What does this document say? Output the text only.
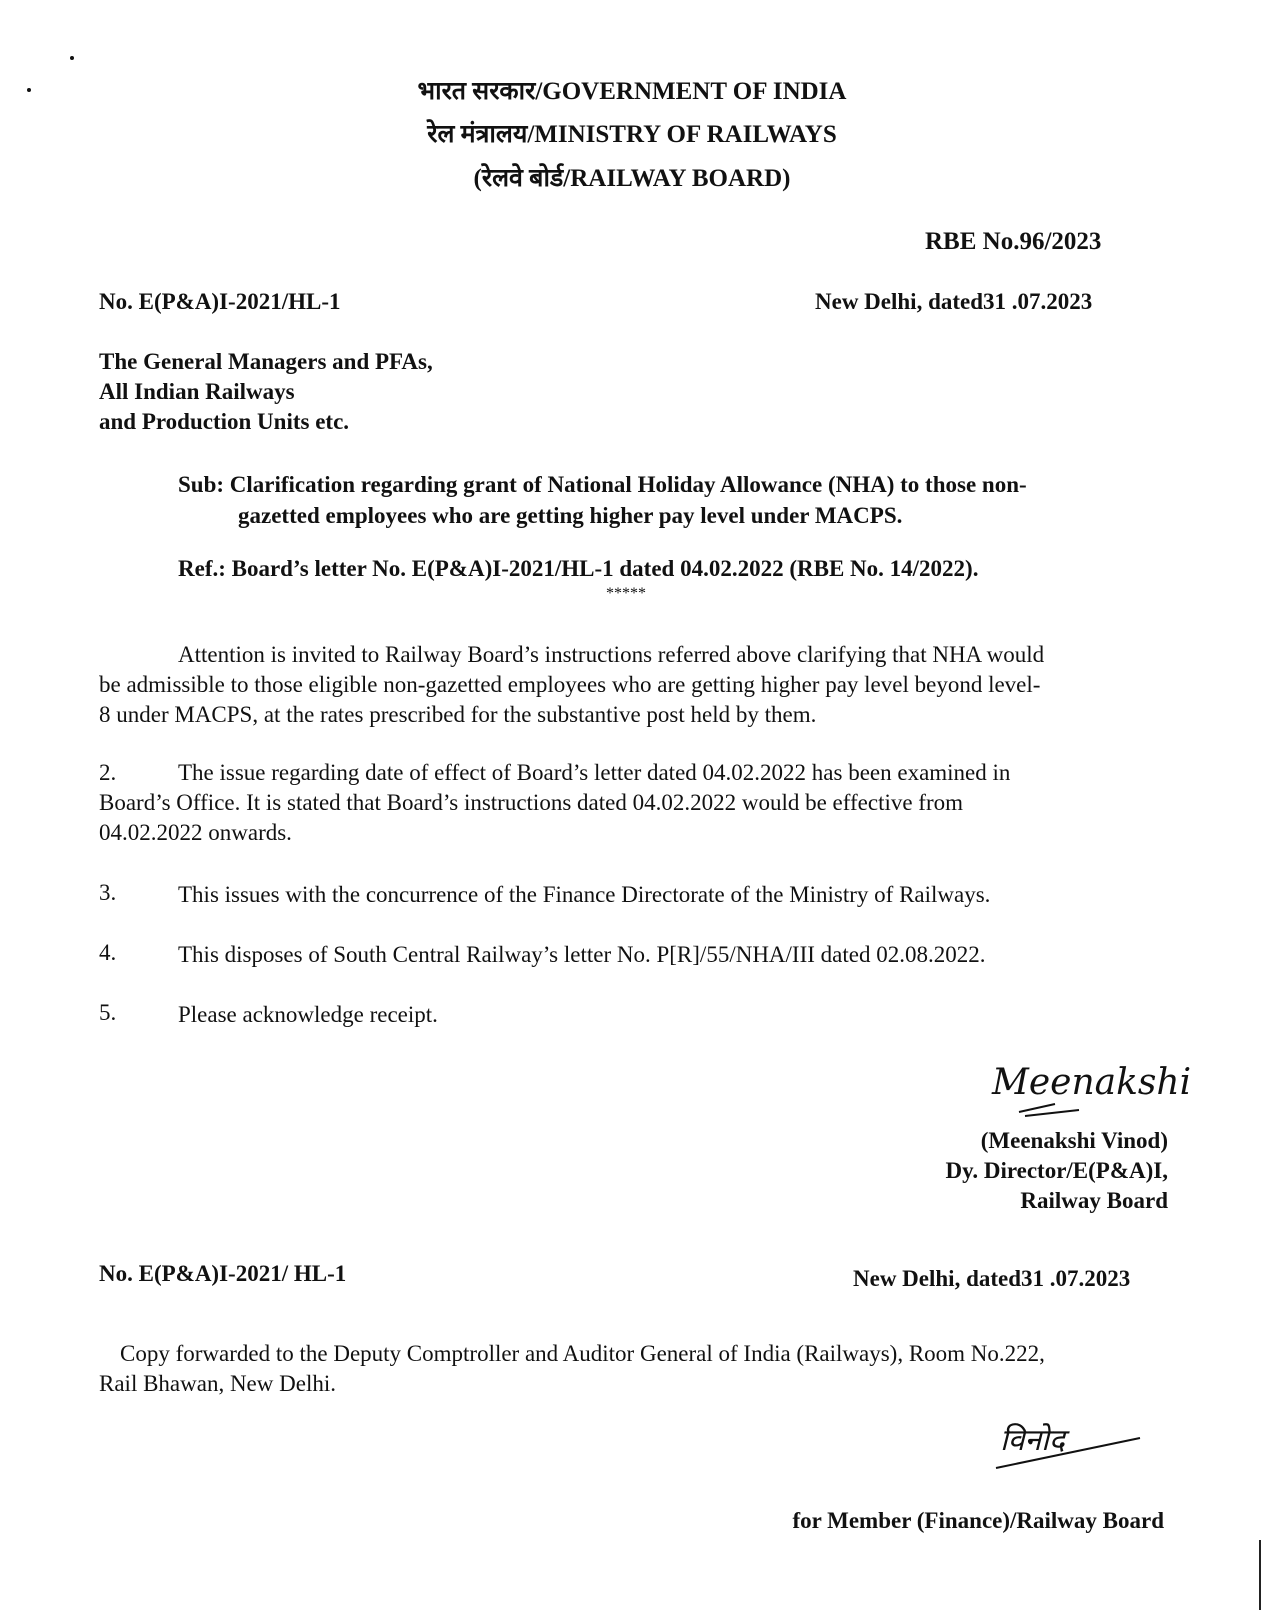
भारत सरकार/GOVERNMENT OF INDIA
रेल मंत्रालय/MINISTRY OF RAILWAYS
(रेलवे बोर्ड/RAILWAY BOARD)
RBE No.96/2023
No. E(P&A)I-2021/HL-1	New Delhi, dated31 .07.2023
The General Managers and PFAs,
All Indian Railways
and Production Units etc.
Sub: Clarification regarding grant of National Holiday Allowance (NHA) to those non-
gazetted employees who are getting higher pay level under MACPS.
Ref.: Board’s letter No. E(P&A)I-2021/HL-1 dated 04.02.2022 (RBE No. 14/2022).
*****
Attention is invited to Railway Board’s instructions referred above clarifying that NHA would
be admissible to those eligible non-gazetted employees who are getting higher pay level beyond level-
8 under MACPS, at the rates prescribed for the substantive post held by them.
2.	The issue regarding date of effect of Board’s letter dated 04.02.2022 has been examined in
Board’s Office. It is stated that Board’s instructions dated 04.02.2022 would be effective from
04.02.2022 onwards.
3.	This issues with the concurrence of the Finance Directorate of the Ministry of Railways.
4.	This disposes of South Central Railway’s letter No. P[R]/55/NHA/III dated 02.08.2022.
5.	Please acknowledge receipt.
Meenakshi
(Meenakshi Vinod)
Dy. Director/E(P&A)I,
Railway Board
No. E(P&A)I-2021/ HL-1	New Delhi, dated31 .07.2023
Copy forwarded to the Deputy Comptroller and Auditor General of India (Railways), Room No.222,
Rail Bhawan, New Delhi.
विनोद
for Member (Finance)/Railway Board
